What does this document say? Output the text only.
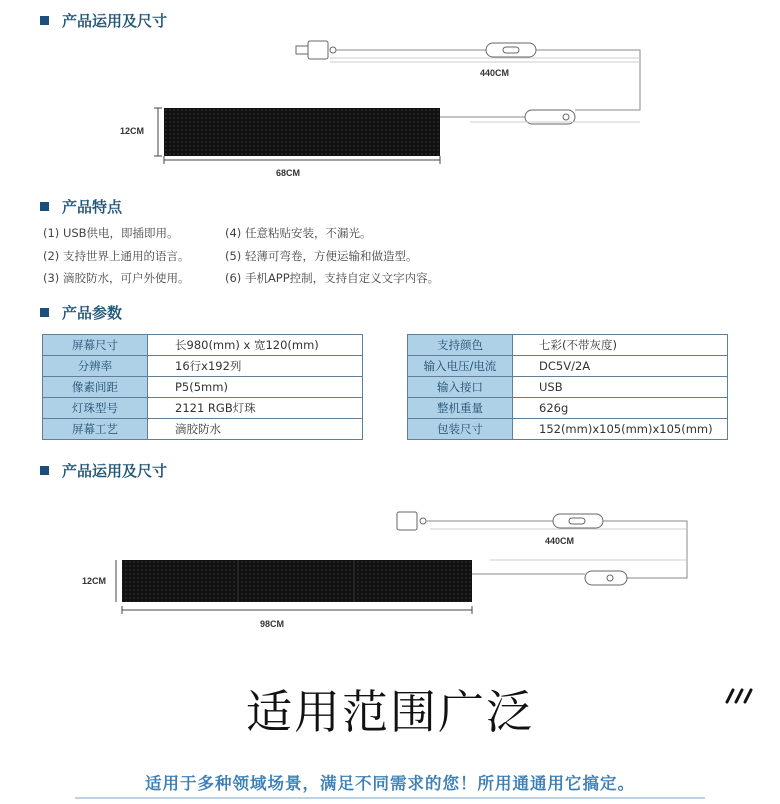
产品运用及尺寸
产品特点
产品参数
产品运用及尺寸
440CM
12CM
68CM
440CM
12CM
98CM
(1) USB供电，即插即用。
(2) 支持世界上通用的语言。
(3) 滴胶防水，可户外使用。
(4) 任意粘贴安装，不漏光。
(5) 轻薄可弯卷，方便运输和做造型。
(6) 手机APP控制，支持自定义文字内容。
屏幕尺寸	长980(mm) x 宽120(mm)
分辨率	16行x192列
像素间距	P5(5mm)
灯珠型号	2121 RGB灯珠
屏幕工艺	滴胶防水
支持颜色	七彩(不带灰度)
输入电压/电流	DC5V/2A
输入接口	USB
整机重量	626g
包装尺寸	152(mm)x105(mm)x105(mm)
适用范围广泛
适用于多种领域场景，满足不同需求的您！所用通通用它搞定。
